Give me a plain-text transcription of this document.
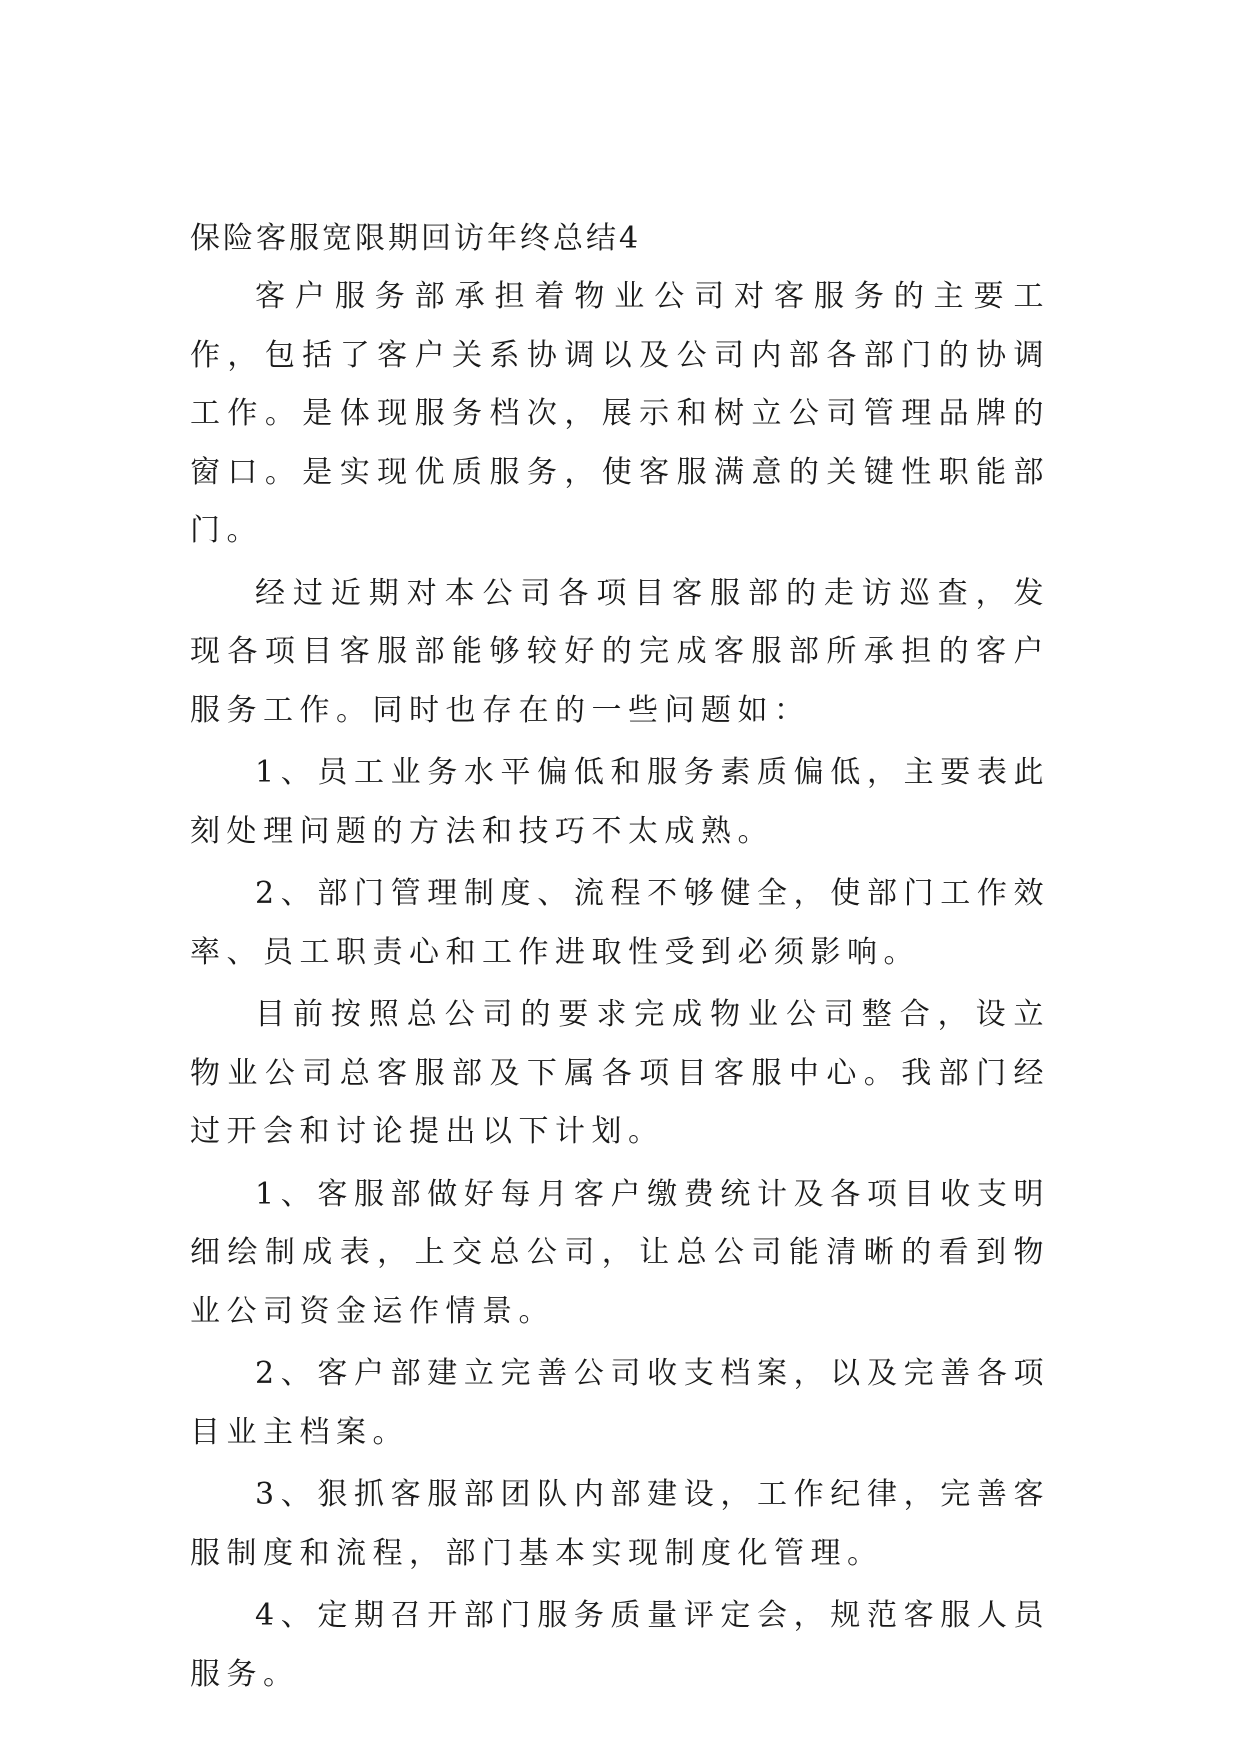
保险客服宽限期回访年终总结4

客户服务部承担着物业公司对客服务的主要工作，包括了客户关系协调以及公司内部各部门的协调工作。是体现服务档次，展示和树立公司管理品牌的窗口。是实现优质服务，使客服满意的关键性职能部门。

经过近期对本公司各项目客服部的走访巡查，发现各项目客服部能够较好的完成客服部所承担的客户服务工作。同时也存在的一些问题如：

1、员工业务水平偏低和服务素质偏低，主要表此刻处理问题的方法和技巧不太成熟。

2、部门管理制度、流程不够健全，使部门工作效率、员工职责心和工作进取性受到必须影响。

目前按照总公司的要求完成物业公司整合，设立物业公司总客服部及下属各项目客服中心。我部门经过开会和讨论提出以下计划。

1、客服部做好每月客户缴费统计及各项目收支明细绘制成表，上交总公司，让总公司能清晰的看到物业公司资金运作情景。

2、客户部建立完善公司收支档案，以及完善各项目业主档案。

3、狠抓客服部团队内部建设，工作纪律，完善客服制度和流程，部门基本实现制度化管理。

4、定期召开部门服务质量评定会，规范客服人员服务。
